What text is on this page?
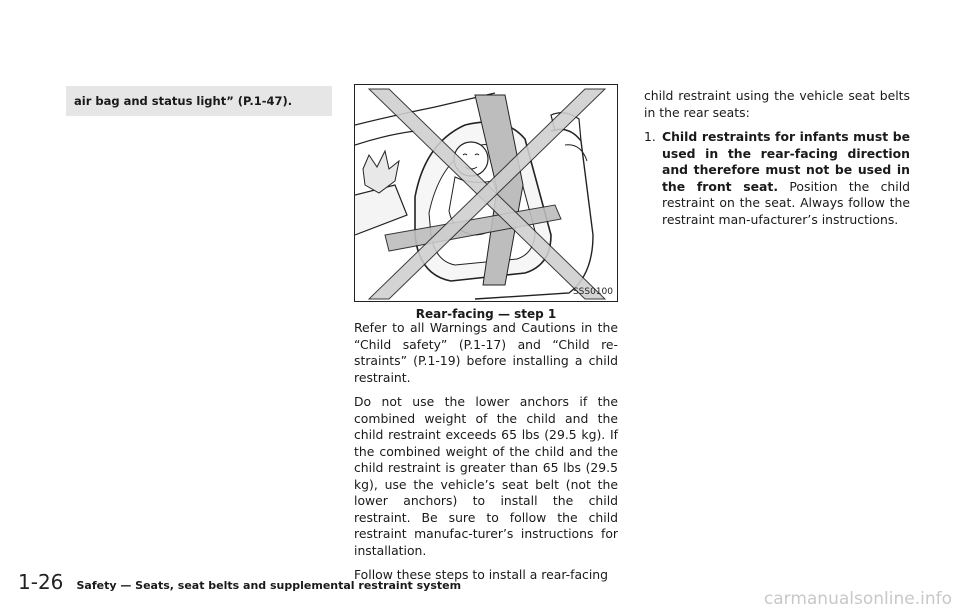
air bag and status light” (P.1-47).
SSS0100
Rear-facing — step 1

Refer to all Warnings and Cautions in the “Child safety” (P.1-17) and “Child re-straints” (P.1-19) before installing a child restraint.

Do not use the lower anchors if the combined weight of the child and the child restraint exceeds 65 lbs (29.5 kg). If the combined weight of the child and the child restraint is greater than 65 lbs (29.5 kg), use the vehicle’s seat belt (not the lower anchors) to install the child restraint. Be sure to follow the child restraint manufac-turer’s instructions for installation.

Follow these steps to install a rear-facing

child restraint using the vehicle seat belts in the rear seats:

1. Child restraints for infants must be used in the rear-facing direction and therefore must not be used in the front seat. Position the child restraint on the seat. Always follow the restraint man-ufacturer’s instructions.
1-26 Safety — Seats, seat belts and supplemental restraint system
carmanualsonline.info
